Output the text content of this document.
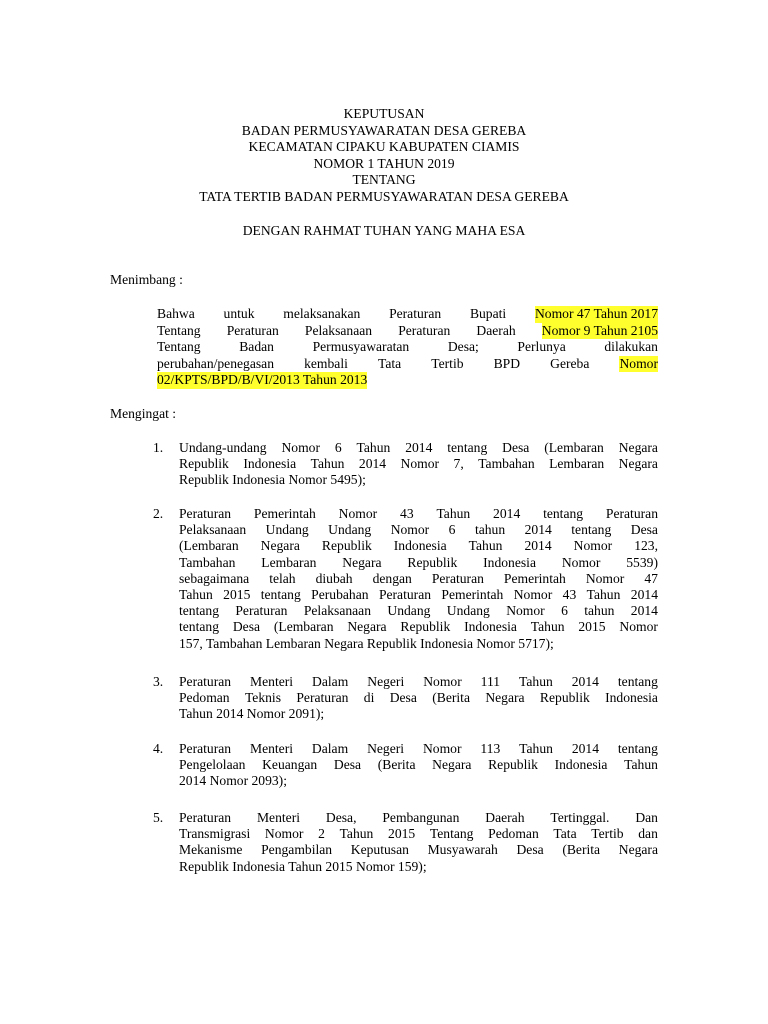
KEPUTUSAN
BADAN PERMUSYAWARATAN DESA GEREBA
KECAMATAN CIPAKU KABUPATEN CIAMIS
NOMOR 1 TAHUN 2019
TENTANG
TATA TERTIB BADAN PERMUSYAWARATAN DESA GEREBA
DENGAN RAHMAT TUHAN YANG MAHA ESA
Menimbang :
Bahwa untuk melaksanakan Peraturan Bupati Nomor 47 Tahun 2017
Tentang Peraturan Pelaksanaan Peraturan Daerah Nomor 9 Tahun 2105
Tentang	Badan	Permusyawaratan	Desa;	Perlunya	dilakukan
perubahan/penegasan kembali Tata Tertib BPD Gereba Nomor
02/KPTS/BPD/B/VI/2013 Tahun 2013
Mengingat :
1. Undang-undang Nomor 6 Tahun 2014 tentang Desa (Lembaran Negara
Republik Indonesia Tahun 2014 Nomor 7, Tambahan Lembaran Negara
Republik Indonesia Nomor 5495);
2. Peraturan Pemerintah Nomor 43 Tahun 2014 tentang Peraturan
Pelaksanaan Undang Undang Nomor 6 tahun 2014 tentang Desa
(Lembaran Negara Republik Indonesia Tahun 2014 Nomor 123,
Tambahan Lembaran Negara Republik Indonesia Nomor 5539)
sebagaimana telah diubah dengan Peraturan Pemerintah Nomor 47
Tahun 2015 tentang Perubahan Peraturan Pemerintah Nomor 43 Tahun 2014
tentang Peraturan Pelaksanaan Undang Undang Nomor 6 tahun 2014
tentang Desa (Lembaran Negara Republik Indonesia Tahun 2015 Nomor
157, Tambahan Lembaran Negara Republik Indonesia Nomor 5717);
3. Peraturan Menteri Dalam Negeri Nomor 111 Tahun 2014 tentang
Pedoman Teknis Peraturan di Desa (Berita Negara Republik Indonesia
Tahun 2014 Nomor 2091);
4. Peraturan Menteri Dalam Negeri Nomor 113 Tahun 2014 tentang
Pengelolaan Keuangan Desa (Berita Negara Republik Indonesia Tahun
2014 Nomor 2093);
5. Peraturan Menteri Desa, Pembangunan Daerah Tertinggal. Dan
Transmigrasi Nomor 2 Tahun 2015 Tentang Pedoman Tata Tertib dan
Mekanisme Pengambilan Keputusan Musyawarah Desa (Berita Negara
Republik Indonesia Tahun 2015 Nomor 159);
